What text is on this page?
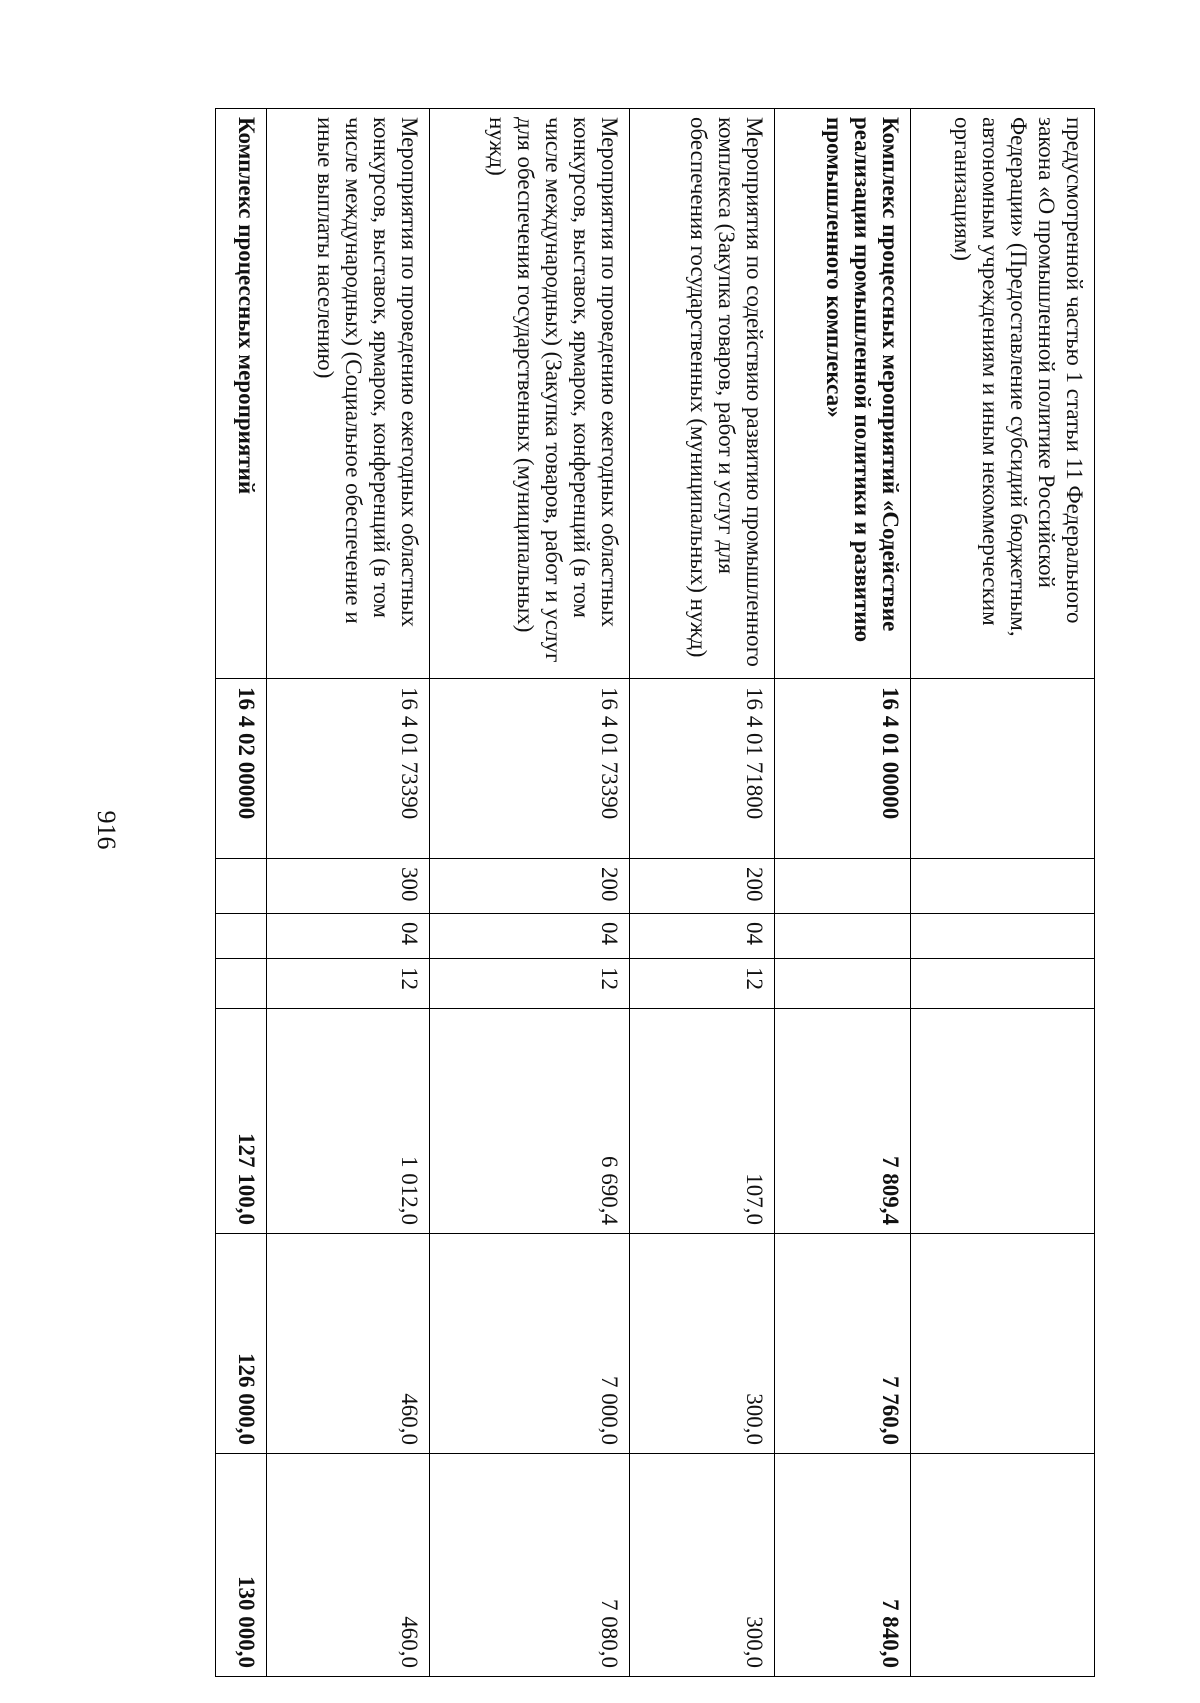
916
предусмотренной частью 1 статьи 11 Федерального закона «О промышленной политике Российской Федерации» (Предоставление субсидий бюджетным, автономным учреждениям и иным некоммерческим организациям)							
Комплекс процессных мероприятий «Содействие реализации промышленной политики и развитию промышленного комплекса»	16 4 01 00000				7 809,4	7 760,0	7 840,0
Мероприятия по содействию развитию промышленного комплекса (Закупка товаров, работ и услуг для обеспечения государственных (муниципальных) нужд)	16 4 01 71800	200	04	12	107,0	300,0	300,0
Мероприятия по проведению ежегодных областных конкурсов, выставок, ярмарок, конференций (в том числе международных) (Закупка товаров, работ и услуг для обеспечения государственных (муниципальных) нужд)	16 4 01 73390	200	04	12	6 690,4	7 000,0	7 080,0
Мероприятия по проведению ежегодных областных конкурсов, выставок, ярмарок, конференций (в том числе международных) (Социальное обеспечение и иные выплаты населению)	16 4 01 73390	300	04	12	1 012,0	460,0	460,0
Комплекс процессных мероприятий	16 4 02 00000				127 100,0	126 000,0	130 000,0
